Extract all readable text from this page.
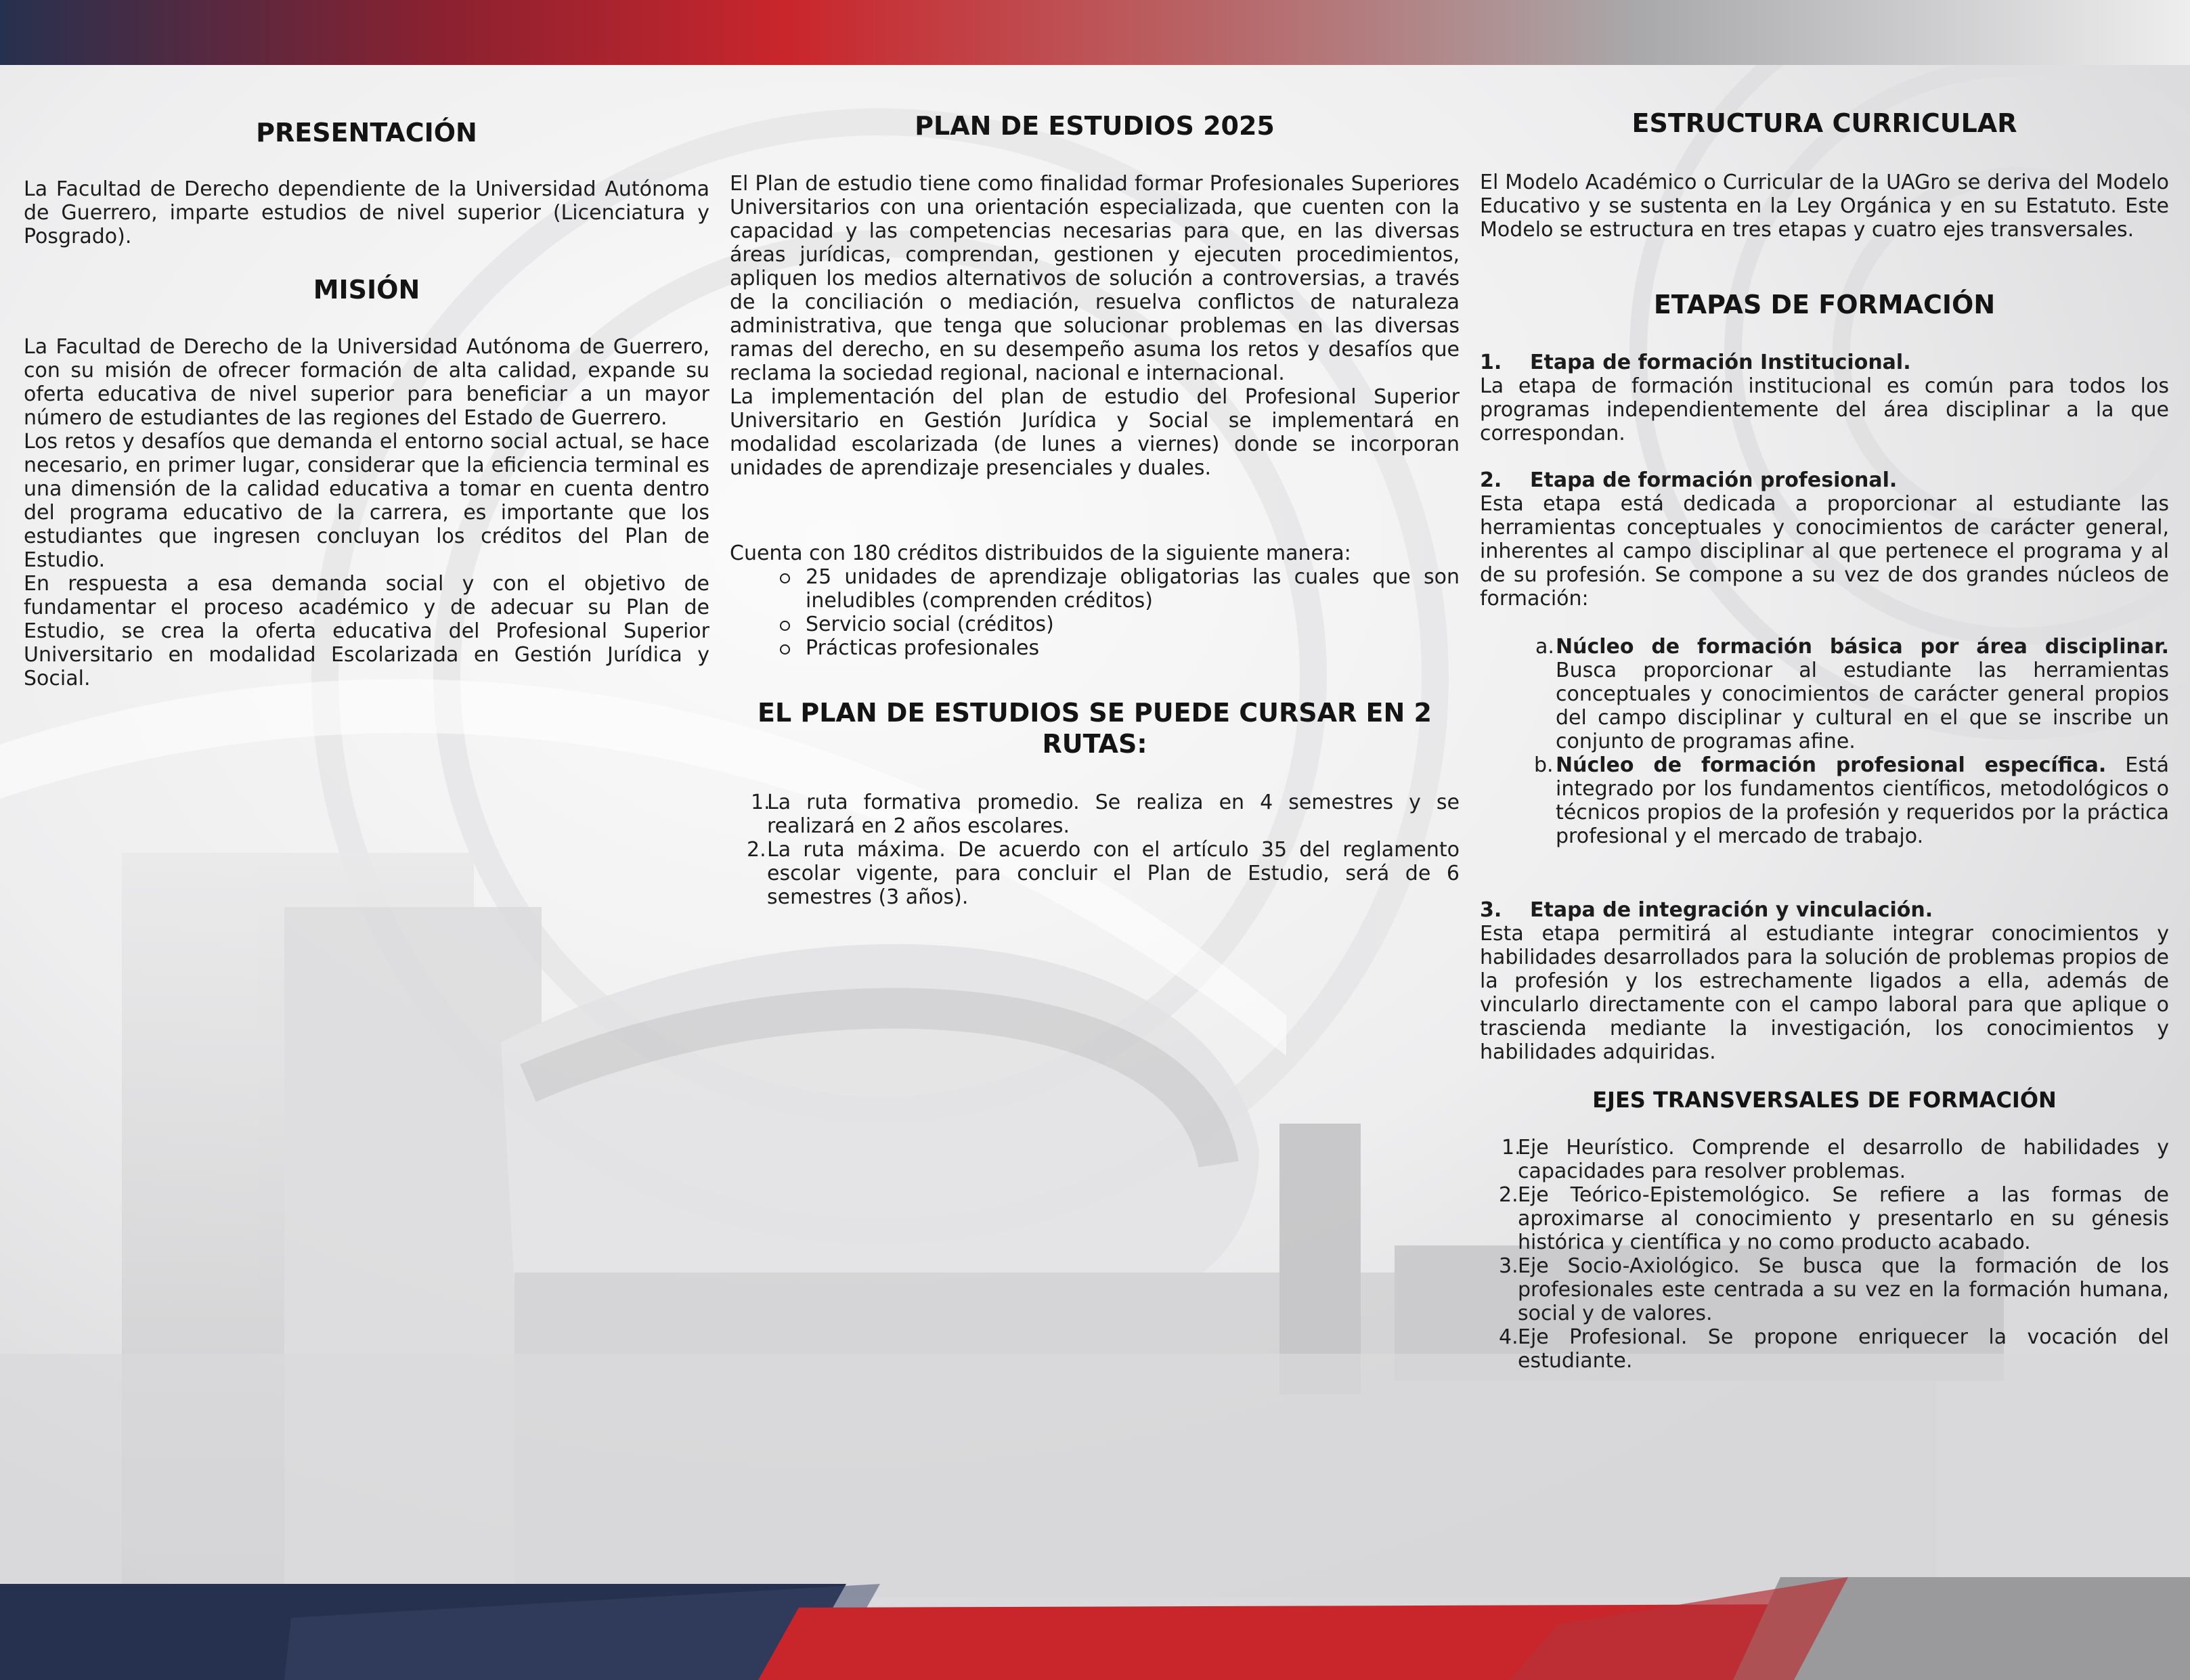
PRESENTACIÓN

La Facultad de Derecho dependiente de la Universidad Autónoma de Guerrero, imparte estudios de nivel superior (Licenciatura y Posgrado).

MISIÓN
La Facultad de Derecho de la Universidad Autónoma de Guerrero, con su misión de ofrecer formación de alta calidad, expande su oferta educativa de nivel superior para beneficiar a un mayor número de estudiantes de las regiones del Estado de Guerrero.
Los retos y desafíos que demanda el entorno social actual, se hace necesario, en primer lugar, considerar que la eficiencia terminal es una dimensión de la calidad educativa a tomar en cuenta dentro del programa educativo de la carrera, es importante que los estudiantes que ingresen concluyan los créditos del Plan de Estudio.
En respuesta a esa demanda social y con el objetivo de fundamentar el proceso académico y de adecuar su Plan de Estudio, se crea la oferta educativa del Profesional Superior Universitario en modalidad Escolarizada en Gestión Jurídica y Social.
PLAN DE ESTUDIOS 2025
El Plan de estudio tiene como finalidad formar Profesionales Superiores Universitarios con una orientación especializada, que cuenten con la capacidad y las competencias necesarias para que, en las diversas áreas jurídicas, comprendan, gestionen y ejecuten procedimientos, apliquen los medios alternativos de solución a controversias, a través de la conciliación o mediación, resuelva conflictos de naturaleza administrativa, que tenga que solucionar problemas en las diversas ramas del derecho, en su desempeño asuma los retos y desafíos que reclama la sociedad regional, nacional e internacional.
La implementación del plan de estudio del Profesional Superior Universitario en Gestión Jurídica y Social se implementará en modalidad escolarizada (de lunes a viernes) donde se incorporan unidades de aprendizaje presenciales y duales.

Cuenta con 180 créditos distribuidos de la siguiente manera:

25 unidades de aprendizaje obligatorias las cuales que son ineludibles (comprenden créditos)
Servicio social (créditos)
Prácticas profesionales
EL PLAN DE ESTUDIOS SE PUEDE CURSAR EN 2
RUTAS:
1.
La ruta formativa promedio. Se realiza en 4 semestres y se realizará en 2 años escolares.
2. La ruta máxima. De acuerdo con el artículo 35 del reglamento escolar vigente, para concluir el Plan de Estudio, será de 6 semestres (3 años).
ESTRUCTURA CURRICULAR

El Modelo Académico o Curricular de la UAGro se deriva del Modelo Educativo y se sustenta en la Ley Orgánica y en su Estatuto. Este Modelo se estructura en tres etapas y cuatro ejes transversales.

ETAPAS DE FORMACIÓN
1. Etapa de formación Institucional.

La etapa de formación institucional es común para todos los programas independientemente del área disciplinar a la que correspondan.

2. Etapa de formación profesional.

Esta etapa está dedicada a proporcionar al estudiante las herramientas conceptuales y conocimientos de carácter general, inherentes al campo disciplinar al que pertenece el programa y al de su profesión. Se compone a su vez de dos grandes núcleos de formación:

a. Núcleo de formación básica por área disciplinar. Busca proporcionar al estudiante las herramientas conceptuales y conocimientos de carácter general propios del campo disciplinar y cultural en el que se inscribe un conjunto de programas afine.
b. Núcleo de formación profesional específica. Está integrado por los fundamentos científicos, metodológicos o técnicos propios de la profesión y requeridos por la práctica profesional y el mercado de trabajo.
3. Etapa de integración y vinculación.

Esta etapa permitirá al estudiante integrar conocimientos y habilidades desarrollados para la solución de problemas propios de la profesión y los estrechamente ligados a ella, además de vincularlo directamente con el campo laboral para que aplique o trascienda mediante la investigación, los conocimientos y habilidades adquiridas.

EJES TRANSVERSALES DE FORMACIÓN
1.
Eje Heurístico. Comprende el desarrollo de habilidades y capacidades para resolver problemas.
2. Eje Teórico-Epistemológico. Se refiere a las formas de aproximarse al conocimiento y presentarlo en su génesis histórica y científica y no como producto acabado.
3. Eje Socio-Axiológico. Se busca que la formación de los profesionales este centrada a su vez en la formación humana, social y de valores.
4. Eje Profesional. Se propone enriquecer la vocación del estudiante.
